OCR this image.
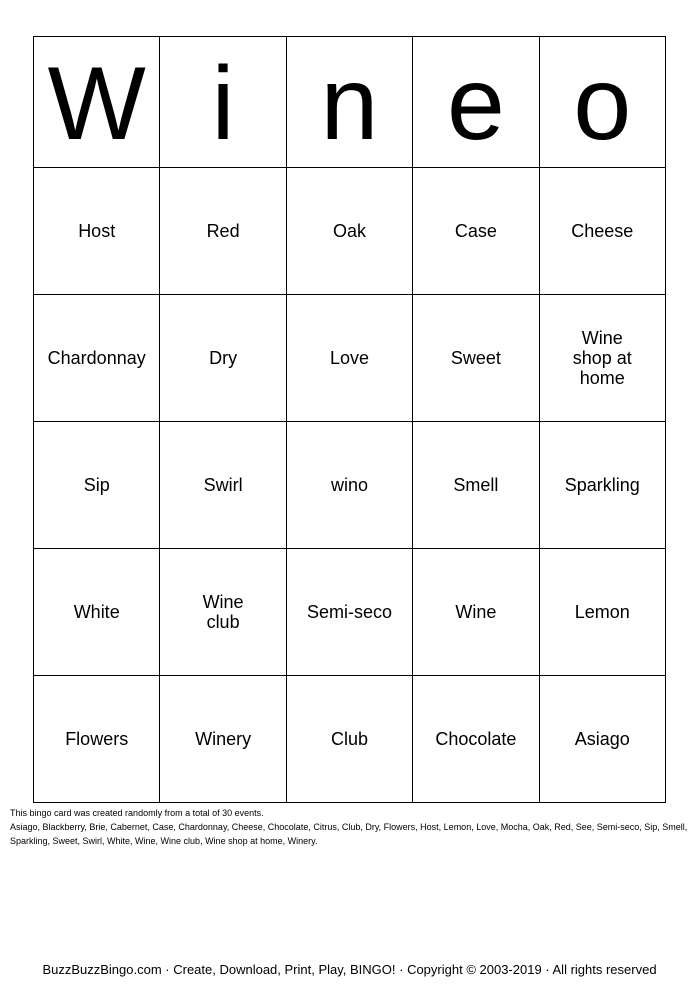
W	i	n	e	o
Host	Red	Oak	Case	Cheese
Chardonnay	Dry	Love	Sweet	Wine shop at home
Sip	Swirl	wino	Smell	Sparkling
White	Wine club	Semi-seco	Wine	Lemon
Flowers	Winery	Club	Chocolate	Asiago
This bingo card was created randomly from a total of 30 events.
Asiago, Blackberry, Brie, Cabernet, Case, Chardonnay, Cheese, Chocolate, Citrus, Club, Dry, Flowers, Host, Lemon, Love, Mocha, Oak, Red, See, Semi-seco, Sip, Smell, Sparkling, Sweet, Swirl, White, Wine, Wine club, Wine shop at home, Winery.
BuzzBuzzBingo.com · Create, Download, Print, Play, BINGO! · Copyright © 2003-2019 · All rights reserved
